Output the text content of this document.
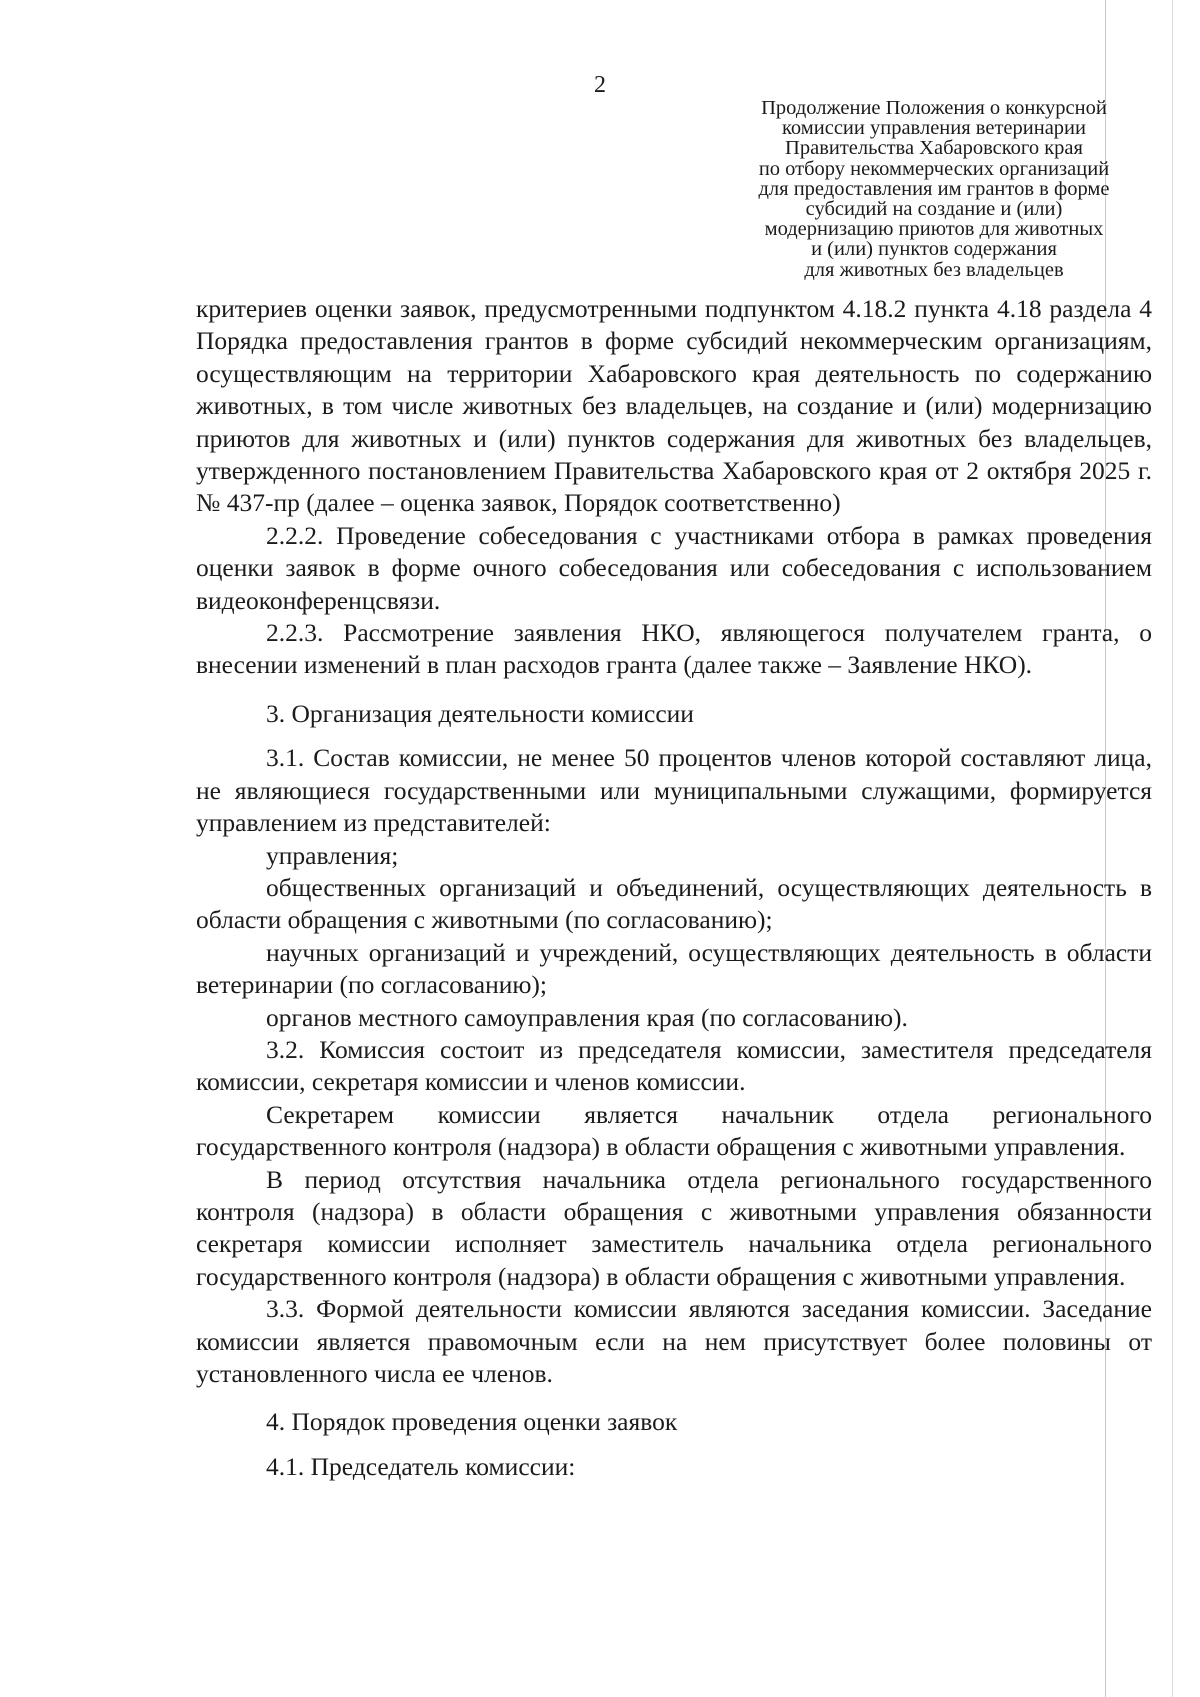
2
Продолжение Положения о конкурсной
комиссии управления ветеринарии
Правительства Хабаровского края
по отбору некоммерческих организаций
для предоставления им грантов в форме
субсидий на создание и (или)
модернизацию приютов для животных
и (или) пунктов содержания
для животных без владельцев

критериев оценки заявок, предусмотренными подпунктом 4.18.2 пункта 4.18 раздела 4 Порядка предоставления грантов в форме субсидий некоммерческим организациям, осуществляющим на территории Хабаровского края деятельность по содержанию животных, в том числе животных без владельцев, на создание и (или) модернизацию приютов для животных и (или) пунктов содержания для животных без владельцев, утвержденного постановлением Правительства Хабаровского края от 2 октября 2025 г. № 437-пр (далее – оценка заявок, Порядок соответственно)

2.2.2. Проведение собеседования с участниками отбора в рамках проведения оценки заявок в форме очного собеседования или собеседования с использованием видеоконференцсвязи.

2.2.3. Рассмотрение заявления НКО, являющегося получателем гранта, о внесении изменений в план расходов гранта (далее также – Заявление НКО).

3. Организация деятельности комиссии

3.1. Состав комиссии, не менее 50 процентов членов которой составляют лица, не являющиеся государственными или муниципальными служащими, формируется управлением из представителей:

управления;

общественных организаций и объединений, осуществляющих деятельность в области обращения с животными (по согласованию);

научных организаций и учреждений, осуществляющих деятельность в области ветеринарии (по согласованию);

органов местного самоуправления края (по согласованию).

3.2. Комиссия состоит из председателя комиссии, заместителя председателя комиссии, секретаря комиссии и членов комиссии.

Секретарем комиссии является начальник отдела регионального государственного контроля (надзора) в области обращения с животными управления.

В период отсутствия начальника отдела регионального государственного контроля (надзора) в области обращения с животными управления обязанности секретаря комиссии исполняет заместитель начальника отдела регионального государственного контроля (надзора) в области обращения с животными управления.

3.3. Формой деятельности комиссии являются заседания комиссии. Заседание комиссии является правомочным если на нем присутствует более половины от установленного числа ее членов.

4. Порядок проведения оценки заявок

4.1. Председатель комиссии:
